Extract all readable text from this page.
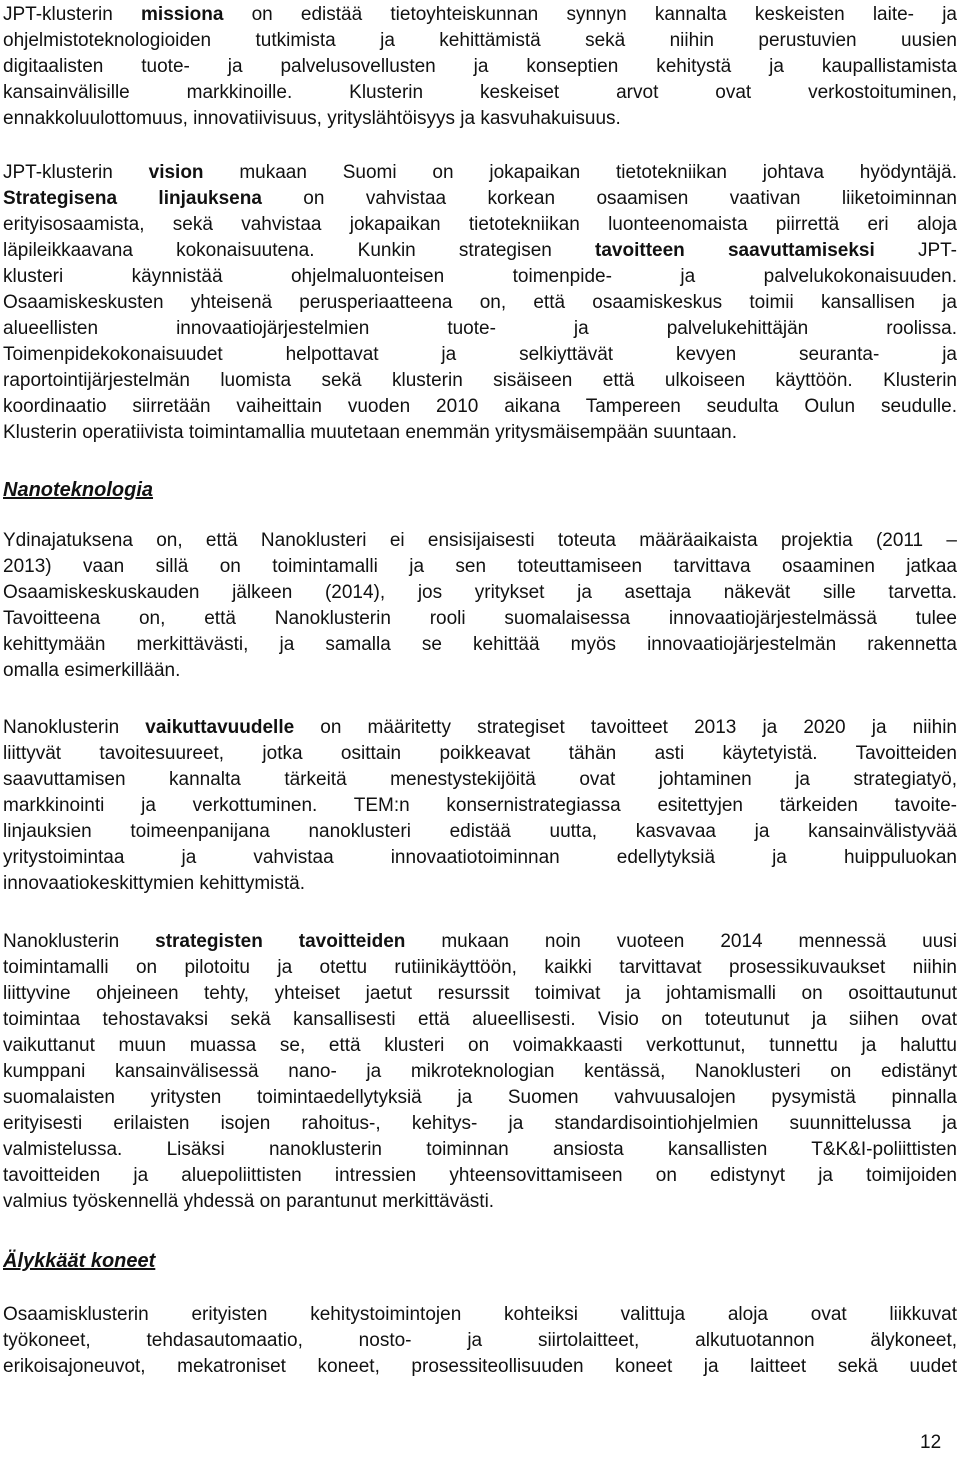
JPT-klusterin missiona on edistää tietoyhteiskunnan synnyn kannalta keskeisten laite- ja
ohjelmistoteknologioiden tutkimista ja kehittämistä sekä niihin perustuvien uusien
digitaalisten tuote- ja palvelusovellusten ja konseptien kehitystä ja kaupallistamista
kansainvälisille markkinoille. Klusterin keskeiset arvot ovat verkostoituminen,
ennakkoluulottomuus, innovatiivisuus, yrityslähtöisyys ja kasvuhakuisuus.
JPT-klusterin vision mukaan Suomi on jokapaikan tietotekniikan johtava hyödyntäjä.
Strategisena linjauksena on vahvistaa korkean osaamisen vaativan liiketoiminnan
erityisosaamista, sekä vahvistaa jokapaikan tietotekniikan luonteenomaista piirrettä eri aloja
läpileikkaavana kokonaisuutena. Kunkin strategisen tavoitteen saavuttamiseksi JPT-
klusteri käynnistää ohjelmaluonteisen toimenpide- ja palvelukokonaisuuden.
Osaamiskeskusten yhteisenä perusperiaatteena on, että osaamiskeskus toimii kansallisen ja
alueellisten innovaatiojärjestelmien tuote- ja palvelukehittäjän roolissa.
Toimenpidekokonaisuudet helpottavat ja selkiyttävät kevyen seuranta- ja
raportointijärjestelmän luomista sekä klusterin sisäiseen että ulkoiseen käyttöön. Klusterin
koordinaatio siirretään vaiheittain vuoden 2010 aikana Tampereen seudulta Oulun seudulle.
Klusterin operatiivista toimintamallia muutetaan enemmän yritysmäisempään suuntaan.
Nanoteknologia
Ydinajatuksena on, että Nanoklusteri ei ensisijaisesti toteuta määräaikaista projektia (2011 –
2013) vaan sillä on toimintamalli ja sen toteuttamiseen tarvittava osaaminen jatkaa
Osaamiskeskuskauden jälkeen (2014), jos yritykset ja asettaja näkevät sille tarvetta.
Tavoitteena on, että Nanoklusterin rooli suomalaisessa innovaatiojärjestelmässä tulee
kehittymään merkittävästi, ja samalla se kehittää myös innovaatiojärjestelmän rakennetta
omalla esimerkillään.
Nanoklusterin vaikuttavuudelle on määritetty strategiset tavoitteet 2013 ja 2020 ja niihin
liittyvät tavoitesuureet, jotka osittain poikkeavat tähän asti käytetyistä. Tavoitteiden
saavuttamisen kannalta tärkeitä menestystekijöitä ovat johtaminen ja strategiatyö,
markkinointi ja verkottuminen. TEM:n konsernistrategiassa esitettyjen tärkeiden tavoite-
linjauksien toimeenpanijana nanoklusteri edistää uutta, kasvavaa ja kansainvälistyvää
yritystoimintaa ja vahvistaa innovaatiotoiminnan edellytyksiä ja huippuluokan
innovaatiokeskittymien kehittymistä.
Nanoklusterin strategisten tavoitteiden mukaan noin vuoteen 2014 mennessä uusi
toimintamalli on pilotoitu ja otettu rutiinikäyttöön, kaikki tarvittavat prosessikuvaukset niihin
liittyvine ohjeineen tehty, yhteiset jaetut resurssit toimivat ja johtamismalli on osoittautunut
toimintaa tehostavaksi sekä kansallisesti että alueellisesti. Visio on toteutunut ja siihen ovat
vaikuttanut muun muassa se, että klusteri on voimakkaasti verkottunut, tunnettu ja haluttu
kumppani kansainvälisessä nano- ja mikroteknologian kentässä, Nanoklusteri on edistänyt
suomalaisten yritysten toimintaedellytyksiä ja Suomen vahvuusalojen pysymistä pinnalla
erityisesti erilaisten isojen rahoitus-, kehitys- ja standardisointiohjelmien suunnittelussa ja
valmistelussa. Lisäksi nanoklusterin toiminnan ansiosta kansallisten T&K&I-poliittisten
tavoitteiden ja aluepoliittisten intressien yhteensovittamiseen on edistynyt ja toimijoiden
valmius työskennellä yhdessä on parantunut merkittävästi.
Älykkäät koneet
Osaamisklusterin erityisten kehitystoimintojen kohteiksi valittuja aloja ovat liikkuvat
työkoneet, tehdasautomaatio, nosto- ja siirtolaitteet, alkutuotannon älykoneet,
erikoisajoneuvot, mekatroniset koneet, prosessiteollisuuden koneet ja laitteet sekä uudet
12
